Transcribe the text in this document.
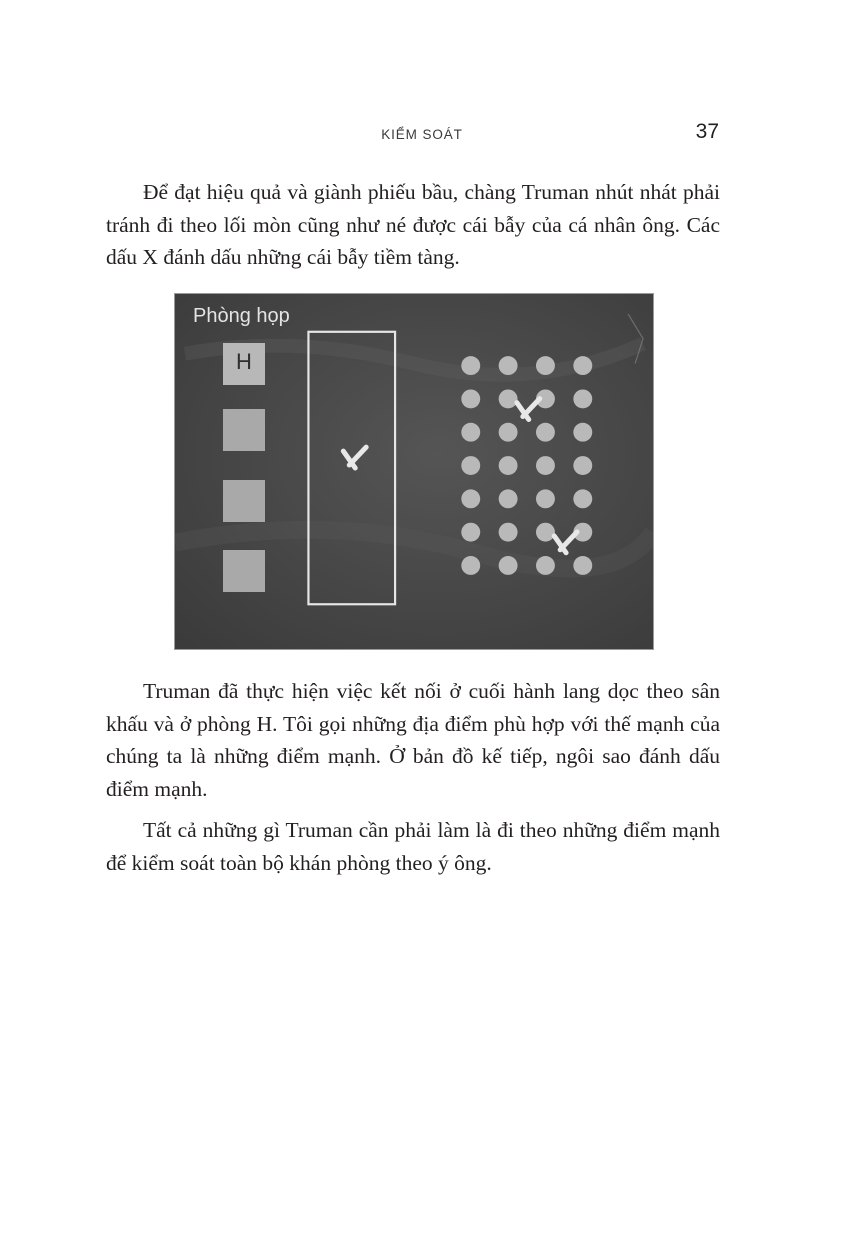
KIỂM SOÁT	37

Để đạt hiệu quả và giành phiếu bầu, chàng Truman nhút nhát phải tránh đi theo lối mòn cũng như né được cái bẫy của cá nhân ông. Các dấu X đánh dấu những cái bẫy tiềm tàng.

Phòng họp
H

Truman đã thực hiện việc kết nối ở cuối hành lang dọc theo sân khấu và ở phòng H. Tôi gọi những địa điểm phù hợp với thế mạnh của chúng ta là những điểm mạnh. Ở bản đồ kế tiếp, ngôi sao đánh dấu điểm mạnh.

Tất cả những gì Truman cần phải làm là đi theo những điểm mạnh để kiểm soát toàn bộ khán phòng theo ý ông.
